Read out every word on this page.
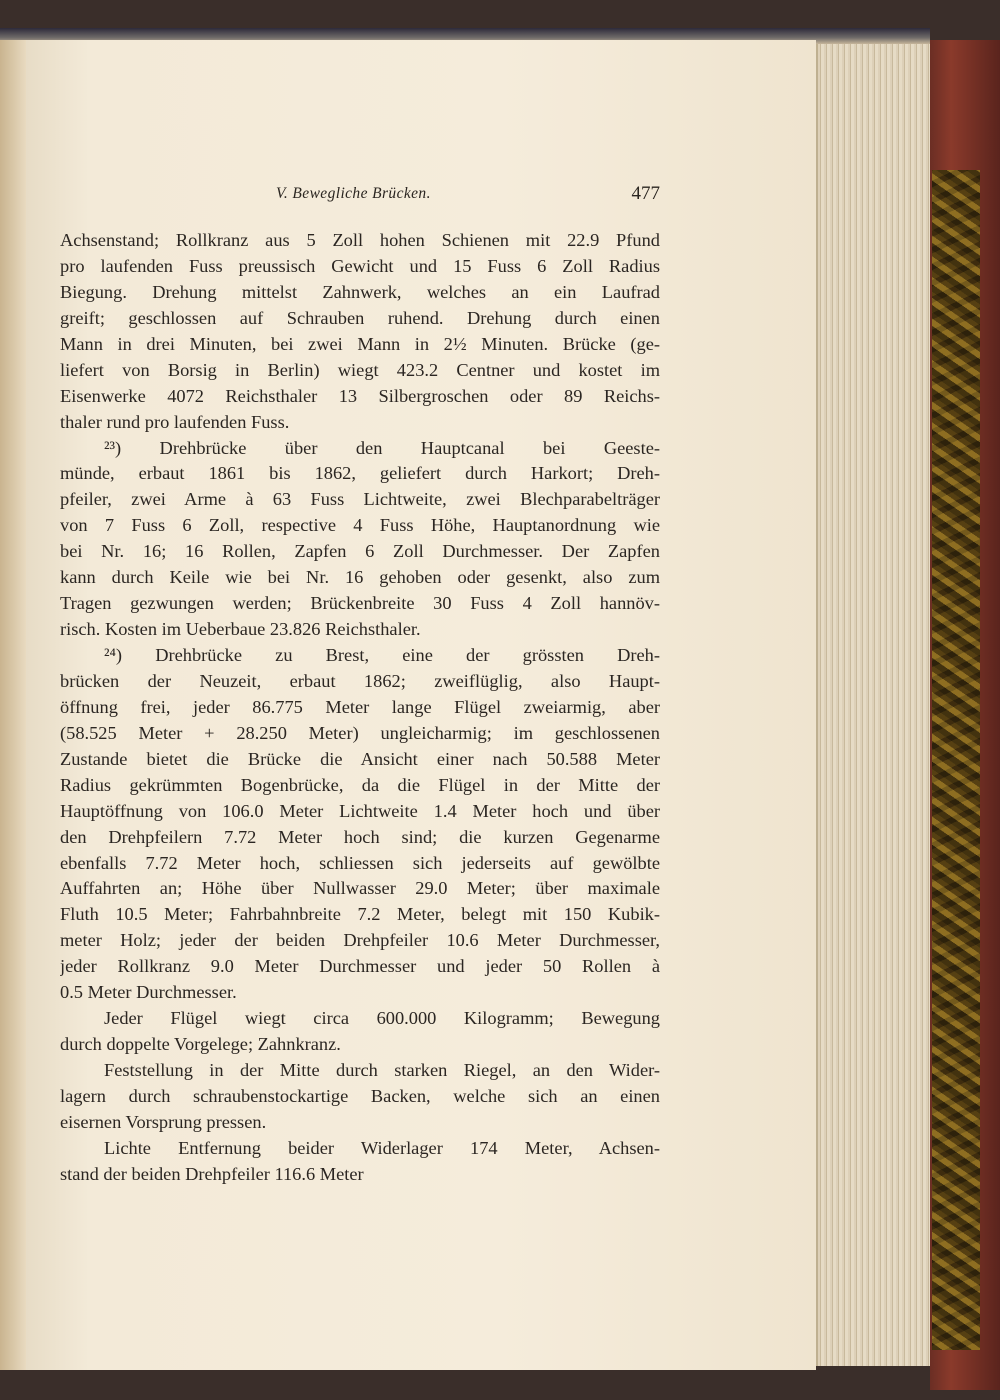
V. Bewegliche Brücken.	477
Achsenstand; Rollkranz aus 5 Zoll hohen Schienen mit 22.9 Pfund
pro laufenden Fuss preussisch Gewicht und 15 Fuss 6 Zoll Radius
Biegung. Drehung mittelst Zahnwerk, welches an ein Laufrad
greift; geschlossen auf Schrauben ruhend. Drehung durch einen
Mann in drei Minuten, bei zwei Mann in 2½ Minuten. Brücke (ge-
liefert von Borsig in Berlin) wiegt 423.2 Centner und kostet im
Eisenwerke 4072 Reichsthaler 13 Silbergroschen oder 89 Reichs-
thaler rund pro laufenden Fuss.
²³) Drehbrücke über den Hauptcanal bei Geeste-
münde, erbaut 1861 bis 1862, geliefert durch Harkort; Dreh-
pfeiler, zwei Arme à 63 Fuss Lichtweite, zwei Blechparabelträger
von 7 Fuss 6 Zoll, respective 4 Fuss Höhe, Hauptanordnung wie
bei Nr. 16; 16 Rollen, Zapfen 6 Zoll Durchmesser. Der Zapfen
kann durch Keile wie bei Nr. 16 gehoben oder gesenkt, also zum
Tragen gezwungen werden; Brückenbreite 30 Fuss 4 Zoll hannöv-
risch. Kosten im Ueberbaue 23.826 Reichsthaler.
²⁴) Drehbrücke zu Brest, eine der grössten Dreh-
brücken der Neuzeit, erbaut 1862; zweiflüglig, also Haupt-
öffnung frei, jeder 86.775 Meter lange Flügel zweiarmig, aber
(58.525 Meter + 28.250 Meter) ungleicharmig; im geschlossenen
Zustande bietet die Brücke die Ansicht einer nach 50.588 Meter
Radius gekrümmten Bogenbrücke, da die Flügel in der Mitte der
Hauptöffnung von 106.0 Meter Lichtweite 1.4 Meter hoch und über
den Drehpfeilern 7.72 Meter hoch sind; die kurzen Gegenarme
ebenfalls 7.72 Meter hoch, schliessen sich jederseits auf gewölbte
Auffahrten an; Höhe über Nullwasser 29.0 Meter; über maximale
Fluth 10.5 Meter; Fahrbahnbreite 7.2 Meter, belegt mit 150 Kubik-
meter Holz; jeder der beiden Drehpfeiler 10.6 Meter Durchmesser,
jeder Rollkranz 9.0 Meter Durchmesser und jeder 50 Rollen à
0.5 Meter Durchmesser.
Jeder Flügel wiegt circa 600.000 Kilogramm; Bewegung
durch doppelte Vorgelege; Zahnkranz.
Feststellung in der Mitte durch starken Riegel, an den Wider-
lagern durch schraubenstockartige Backen, welche sich an einen
eisernen Vorsprung pressen.
Lichte Entfernung beider Widerlager 174 Meter, Achsen-
stand der beiden Drehpfeiler 116.6 Meter
